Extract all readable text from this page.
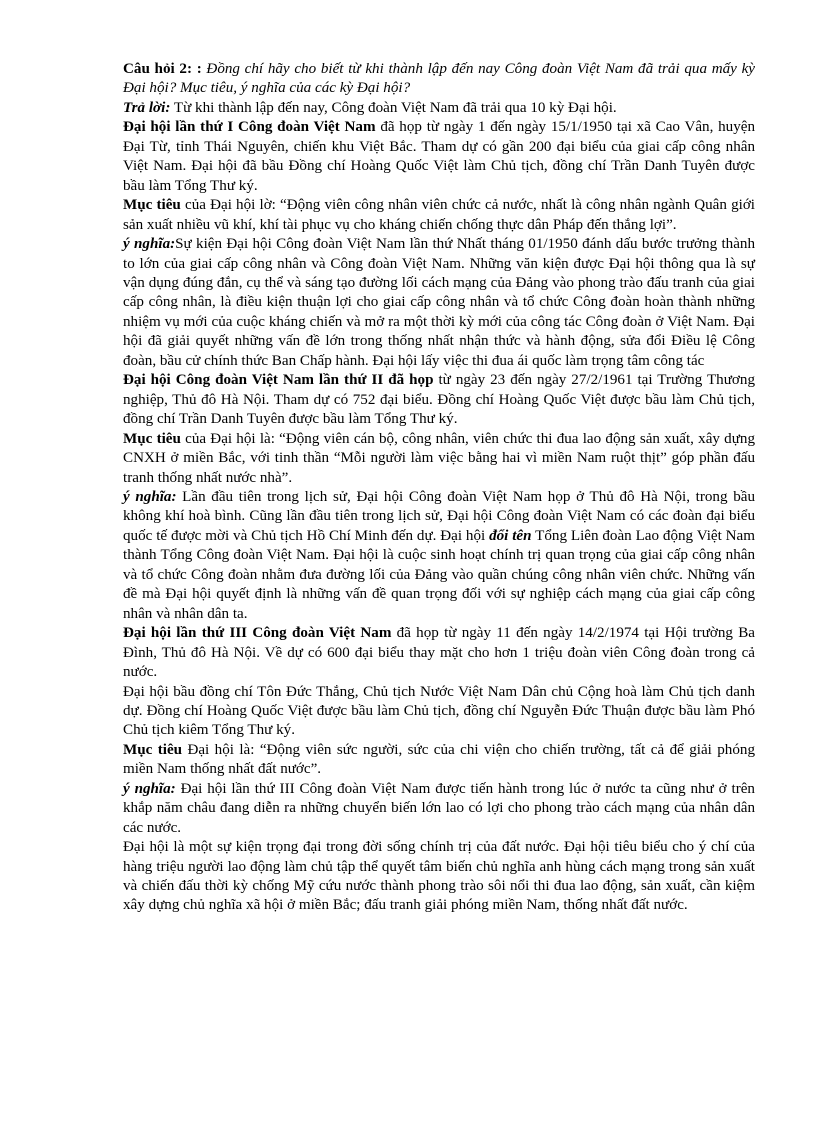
Câu hỏi 2: : Đồng chí hãy cho biết từ khi thành lập đến nay Công đoàn Việt Nam đã trải qua mấy kỳ Đại hội? Mục tiêu, ý nghĩa của các kỳ Đại hội?

Trả lời: Từ khi thành lập đến nay, Công đoàn Việt Nam đã trải qua 10 kỳ Đại hội.

Đại hội lần thứ I Công đoàn Việt Nam đã họp từ ngày 1 đến ngày 15/1/1950 tại xã Cao Vân, huyện Đại Từ, tỉnh Thái Nguyên, chiến khu Việt Bắc. Tham dự có gần 200 đại biểu của giai cấp công nhân Việt Nam. Đại hội đã bầu Đồng chí Hoàng Quốc Việt làm Chủ tịch, đồng chí Trần Danh Tuyên được bầu làm Tổng Thư ký.

Mục tiêu của Đại hội lờ: “Động viên công nhân viên chức cả nước, nhất là công nhân ngành Quân giới sản xuất nhiều vũ khí, khí tài phục vụ cho kháng chiến chống thực dân Pháp đến thắng lợi”.

ý nghĩa:Sự kiện Đại hội Công đoàn Việt Nam lần thứ Nhất tháng 01/1950 đánh dấu bước trưởng thành to lớn của giai cấp công nhân và Công đoàn Việt Nam. Những văn kiện được Đại hội thông qua là sự vận dụng đúng đắn, cụ thể và sáng tạo đường lối cách mạng của Đảng vào phong trào đấu tranh của giai cấp công nhân, là điều kiện thuận lợi cho giai cấp công nhân và tổ chức Công đoàn hoàn thành những nhiệm vụ mới của cuộc kháng chiến và mở ra một thời kỳ mới của công tác Công đoàn ở Việt Nam. Đại hội đã giải quyết những vấn đề lớn trong thống nhất nhận thức và hành động, sửa đổi Điều lệ Công đoàn, bầu cử chính thức Ban Chấp hành. Đại hội lấy việc thi đua ái quốc làm trọng tâm công tác

Đại hội Công đoàn Việt Nam lần thứ II đã họp từ ngày 23 đến ngày 27/2/1961 tại Trường Thương nghiệp, Thủ đô Hà Nội. Tham dự có 752 đại biểu. Đồng chí Hoàng Quốc Việt được bầu làm Chủ tịch, đồng chí Trần Danh Tuyên được bầu làm Tổng Thư ký.

Mục tiêu của Đại hội là: “Động viên cán bộ, công nhân, viên chức thi đua lao động sản xuất, xây dựng CNXH ở miền Bắc, với tinh thần “Mỗi người làm việc bằng hai vì miền Nam ruột thịt” góp phần đấu tranh thống nhất nước nhà”.

ý nghĩa: Lần đầu tiên trong lịch sử, Đại hội Công đoàn Việt Nam họp ở Thủ đô Hà Nội, trong bầu không khí hoà bình. Cũng lần đầu tiên trong lịch sử, Đại hội Công đoàn Việt Nam có các đoàn đại biểu quốc tế được mời và Chủ tịch Hồ Chí Minh đến dự. Đại hội đổi tên Tổng Liên đoàn Lao động Việt Nam thành Tổng Công đoàn Việt Nam. Đại hội là cuộc sinh hoạt chính trị quan trọng của giai cấp công nhân và tổ chức Công đoàn nhằm đưa đường lối của Đảng vào quần chúng công nhân viên chức. Những vấn đề mà Đại hội quyết định là những vấn đề quan trọng đối với sự nghiệp cách mạng của giai cấp công nhân và nhân dân ta.

Đại hội lần thứ III Công đoàn Việt Nam đã họp từ ngày 11 đến ngày 14/2/1974 tại Hội trường Ba Đình, Thủ đô Hà Nội. Về dự có 600 đại biểu thay mặt cho hơn 1 triệu đoàn viên Công đoàn trong cả nước.

Đại hội bầu đồng chí Tôn Đức Thắng, Chủ tịch Nước Việt Nam Dân chủ Cộng hoà làm Chủ tịch danh dự. Đồng chí Hoàng Quốc Việt được bầu làm Chủ tịch, đồng chí Nguyễn Đức Thuận được bầu làm Phó Chủ tịch kiêm Tổng Thư ký.

Mục tiêu Đại hội là: “Động viên sức người, sức của chi viện cho chiến trường, tất cả để giải phóng miền Nam thống nhất đất nước”.

ý nghĩa: Đại hội lần thứ III Công đoàn Việt Nam được tiến hành trong lúc ở nước ta cũng như ở trên khắp năm châu đang diễn ra những chuyển biến lớn lao có lợi cho phong trào cách mạng của nhân dân các nước.

Đại hội là một sự kiện trọng đại trong đời sống chính trị của đất nước. Đại hội tiêu biểu cho ý chí của hàng triệu người lao động làm chủ tập thể quyết tâm biến chủ nghĩa anh hùng cách mạng trong sản xuất và chiến đấu thời kỳ chống Mỹ cứu nước thành phong trào sôi nổi thi đua lao động, sản xuất, cần kiệm xây dựng chủ nghĩa xã hội ở miền Bắc; đấu tranh giải phóng miền Nam, thống nhất đất nước.
